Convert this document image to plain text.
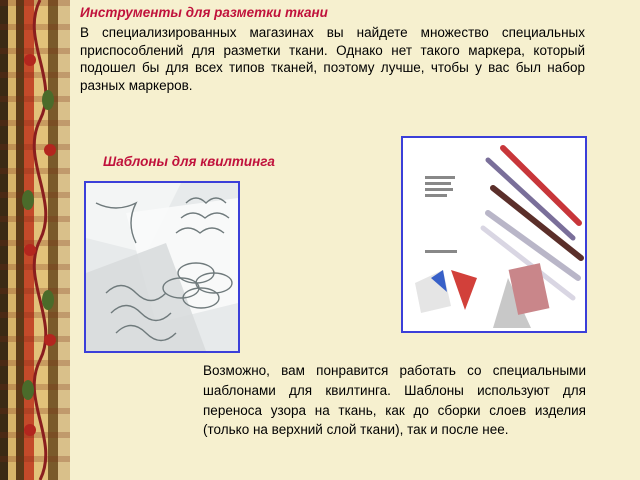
Инструменты для разметки ткани

В специализированных магазинах вы найдете множество специальных приспособлений для разметки ткани. Однако нет такого маркера, который подошел бы для всех типов тканей, поэтому лучше, чтобы у вас был набор разных маркеров.

Шаблоны для квилтинга

Возможно, вам понравится работать со специальными шаблонами для квилтинга. Шаблоны используют для переноса узора на ткань, как до сборки слоев изделия (только на верхний слой ткани), так и после нее.
